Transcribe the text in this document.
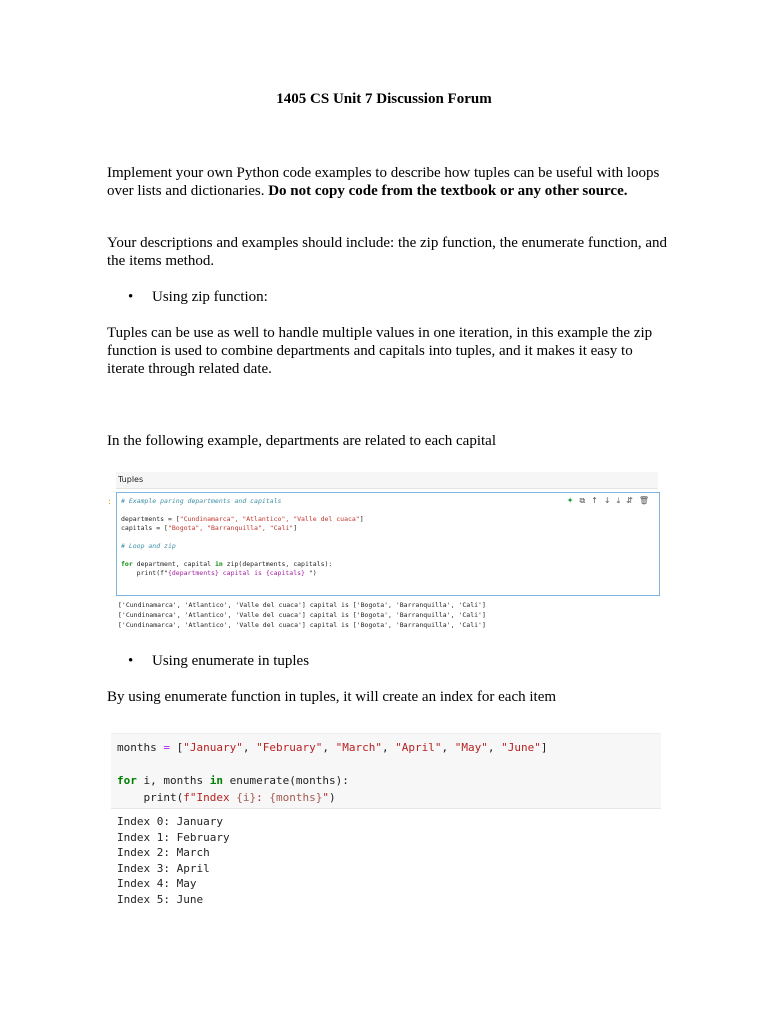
1405 CS Unit 7 Discussion Forum

Implement your own Python code examples to describe how tuples can be useful with loops over lists and dictionaries. Do not copy code from the textbook or any other source.

Your descriptions and examples should include: the zip function, the enumerate function, and the items method.

• Using zip function:

Tuples can be use as well to handle multiple values in one iteration, in this example the zip function is used to combine departments and capitals into tuples, and it makes it easy to iterate through related date.

In the following example, departments are related to each capital

Tuples
:	✦⧉↑↓⤓⇵🗑
# Example paring departments and capitals

departments = ["Cundinamarca", "Atlantico", "Valle del cuaca"]
capitals = ["Bogota", "Barranquilla", "Cali"]

# Loop and zip

for department, capital in zip(departments, capitals):
print(f"{departments} capital is {capitals} ")
['Cundinamarca', 'Atlantico', 'Valle del cuaca'] capital is ['Bogota', 'Barranquilla', 'Cali']
['Cundinamarca', 'Atlantico', 'Valle del cuaca'] capital is ['Bogota', 'Barranquilla', 'Cali']
['Cundinamarca', 'Atlantico', 'Valle del cuaca'] capital is ['Bogota', 'Barranquilla', 'Cali']
• Using enumerate in tuples

By using enumerate function in tuples, it will create an index for each item

months = ["January", "February", "March", "April", "May", "June"]

for i, months in enumerate(months):
print(f"Index {i}: {months}")
Index 0: January
Index 1: February
Index 2: March
Index 3: April
Index 4: May
Index 5: June
